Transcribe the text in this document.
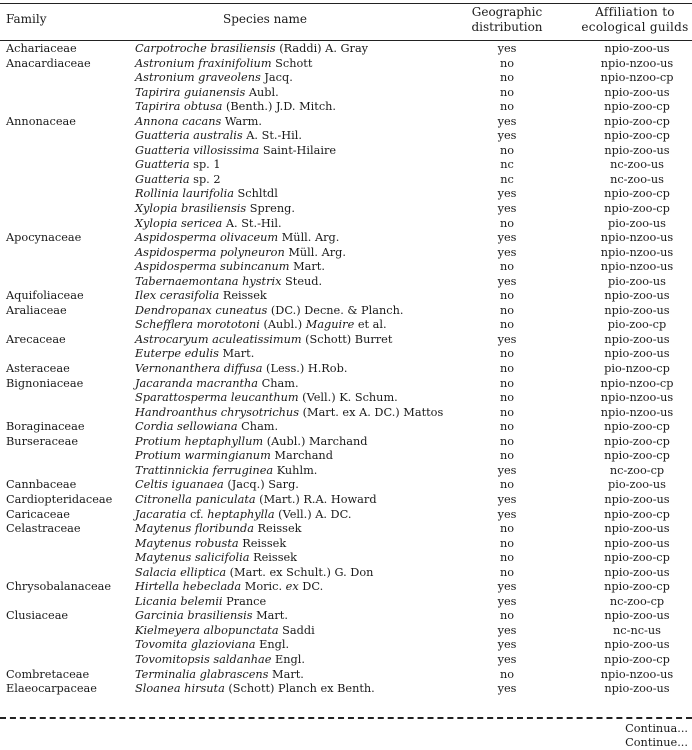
Family	Species name	Geographic
distribution
Affiliation to
ecological guilds
Achariaceae	Carpotroche brasiliensis (Raddi) A. Gray	yes	npio-zoo-us
Anacardiaceae	Astronium fraxinifolium Schott	no	npio-nzoo-us
Astronium graveolens Jacq.	no	npio-nzoo-cp
Tapirira guianensis Aubl.	no	npio-zoo-us
Tapirira obtusa (Benth.) J.D. Mitch.	no	npio-zoo-cp
Annonaceae	Annona cacans Warm.	yes	npio-zoo-cp
Guatteria australis A. St.-Hil.	yes	npio-zoo-cp
Guatteria villosissima Saint-Hilaire	no	npio-zoo-us
Guatteria sp. 1	nc	nc-zoo-us
Guatteria sp. 2	nc	nc-zoo-us
Rollinia laurifolia Schltdl	yes	npio-zoo-cp
Xylopia brasiliensis Spreng.	yes	npio-zoo-cp
Xylopia sericea A. St.-Hil.	no	pio-zoo-us
Apocynaceae	Aspidosperma olivaceum Müll. Arg.	yes	npio-nzoo-us
Aspidosperma polyneuron Müll. Arg.	yes	npio-nzoo-us
Aspidosperma subincanum Mart.	no	npio-nzoo-us
Tabernaemontana hystrix Steud.	yes	pio-zoo-us
Aquifoliaceae	Ilex cerasifolia Reissek	no	npio-zoo-us
Araliaceae	Dendropanax cuneatus (DC.) Decne. & Planch.	no	npio-zoo-us
Schefflera morototoni (Aubl.) Maguire et al.	no	pio-zoo-cp
Arecaceae	Astrocaryum aculeatissimum (Schott) Burret	yes	npio-zoo-us
Euterpe edulis Mart.	no	npio-zoo-us
Asteraceae	Vernonanthera diffusa (Less.) H.Rob.	no	pio-nzoo-cp
Bignoniaceae	Jacaranda macrantha Cham.	no	npio-nzoo-cp
Sparattosperma leucanthum (Vell.) K. Schum.	no	npio-nzoo-us
Handroanthus chrysotrichus (Mart. ex A. DC.) Mattos	no	npio-nzoo-us
Boraginaceae	Cordia sellowiana Cham.	no	npio-zoo-cp
Burseraceae	Protium heptaphyllum (Aubl.) Marchand	no	npio-zoo-cp
Protium warmingianum Marchand	no	npio-zoo-cp
Trattinnickia ferruginea Kuhlm.	yes	nc-zoo-cp
Cannbaceae	Celtis iguanaea (Jacq.) Sarg.	no	pio-zoo-us
Cardiopteridaceae Citronella paniculata (Mart.) R.A. Howard	yes	npio-zoo-us
Caricaceae	Jacaratia cf. heptaphylla (Vell.) A. DC.	yes	npio-zoo-cp
Celastraceae	Maytenus floribunda Reissek	no	npio-zoo-us
Maytenus robusta Reissek	no	npio-zoo-us
Maytenus salicifolia Reissek	no	npio-zoo-cp
Salacia elliptica (Mart. ex Schult.) G. Don	no	npio-zoo-us
Chrysobalanaceae Hirtella hebeclada Moric. ex DC.	yes	npio-zoo-cp
Licania belemii Prance	yes	nc-zoo-cp
Clusiaceae	Garcinia brasiliensis Mart.	no	npio-zoo-us
Kielmeyera albopunctata Saddi	yes	nc-nc-us
Tovomita glazioviana Engl.	yes	npio-zoo-us
Tovomitopsis saldanhae Engl.	yes	npio-zoo-cp
Combretaceae	Terminalia glabrascens Mart.	no	npio-nzoo-us
Elaeocarpaceae	Sloanea hirsuta (Schott) Planch ex Benth.	yes	npio-zoo-us
Continua...
Continue...
